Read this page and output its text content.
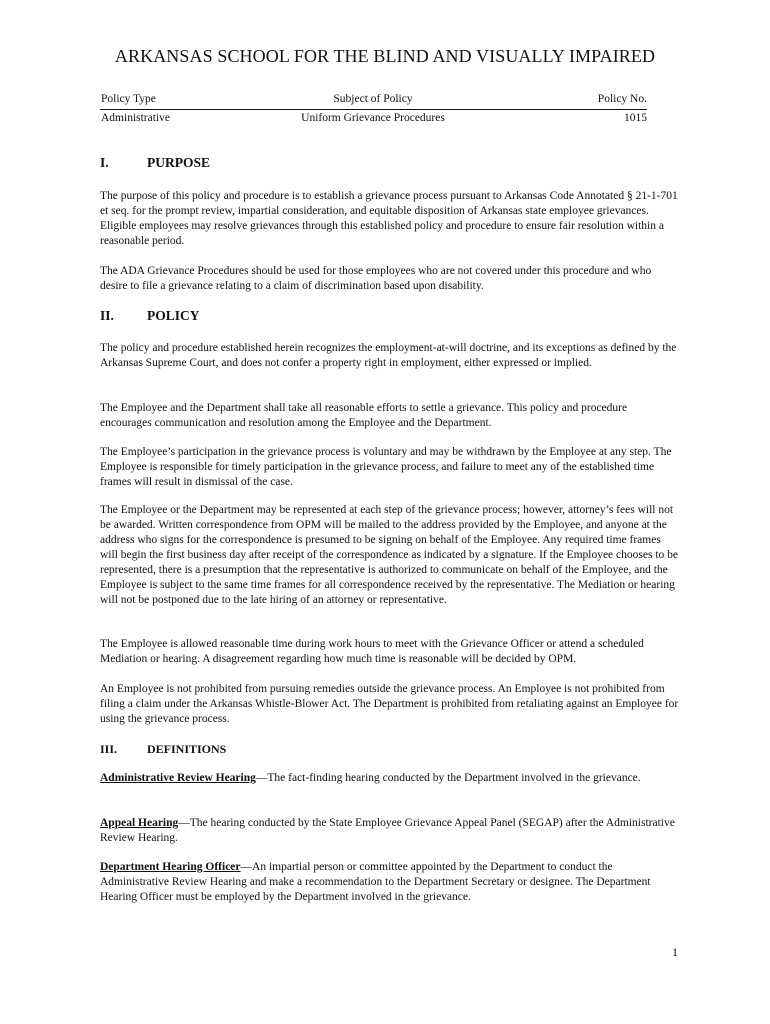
ARKANSAS SCHOOL FOR THE BLIND AND VISUALLY IMPAIRED
Policy Type	Subject of Policy	Policy No.
Administrative	Uniform Grievance Procedures	1015
I.	PURPOSE

The purpose of this policy and procedure is to establish a grievance process pursuant to Arkansas Code Annotated § 21-1-701 et seq. for the prompt review, impartial consideration, and equitable disposition of Arkansas state employee grievances. Eligible employees may resolve grievances through this established policy and procedure to ensure fair resolution within a reasonable period.

The ADA Grievance Procedures should be used for those employees who are not covered under this procedure and who desire to file a grievance relating to a claim of discrimination based upon disability.

II. POLICY

The policy and procedure established herein recognizes the employment-at-will doctrine, and its exceptions as defined by the Arkansas Supreme Court, and does not confer a property right in employment, either expressed or implied.

The Employee and the Department shall take all reasonable efforts to settle a grievance. This policy and procedure encourages communication and resolution among the Employee and the Department.

The Employee’s participation in the grievance process is voluntary and may be withdrawn by the Employee at any step. The Employee is responsible for timely participation in the grievance process, and failure to meet any of the established time frames will result in dismissal of the case.

The Employee or the Department may be represented at each step of the grievance process; however, attorney’s fees will not be awarded. Written correspondence from OPM will be mailed to the address provided by the Employee, and anyone at the address who signs for the correspondence is presumed to be signing on behalf of the Employee. Any required time frames will begin the first business day after receipt of the correspondence as indicated by a signature. If the Employee chooses to be represented, there is a presumption that the representative is authorized to communicate on behalf of the Employee, and the Employee is subject to the same time frames for all correspondence received by the representative. The Mediation or hearing will not be postponed due to the late hiring of an attorney or representative.

The Employee is allowed reasonable time during work hours to meet with the Grievance Officer or attend a scheduled Mediation or hearing. A disagreement regarding how much time is reasonable will be decided by OPM.

An Employee is not prohibited from pursuing remedies outside the grievance process. An Employee is not prohibited from filing a claim under the Arkansas Whistle-Blower Act. The Department is prohibited from retaliating against an Employee for using the grievance process.

III. DEFINITIONS

Administrative Review Hearing—The fact-finding hearing conducted by the Department involved in the grievance.

Appeal Hearing—The hearing conducted by the State Employee Grievance Appeal Panel (SEGAP) after the Administrative Review Hearing.

Department Hearing Officer—An impartial person or committee appointed by the Department to conduct the Administrative Review Hearing and make a recommendation to the Department Secretary or designee. The Department Hearing Officer must be employed by the Department involved in the grievance.

1
